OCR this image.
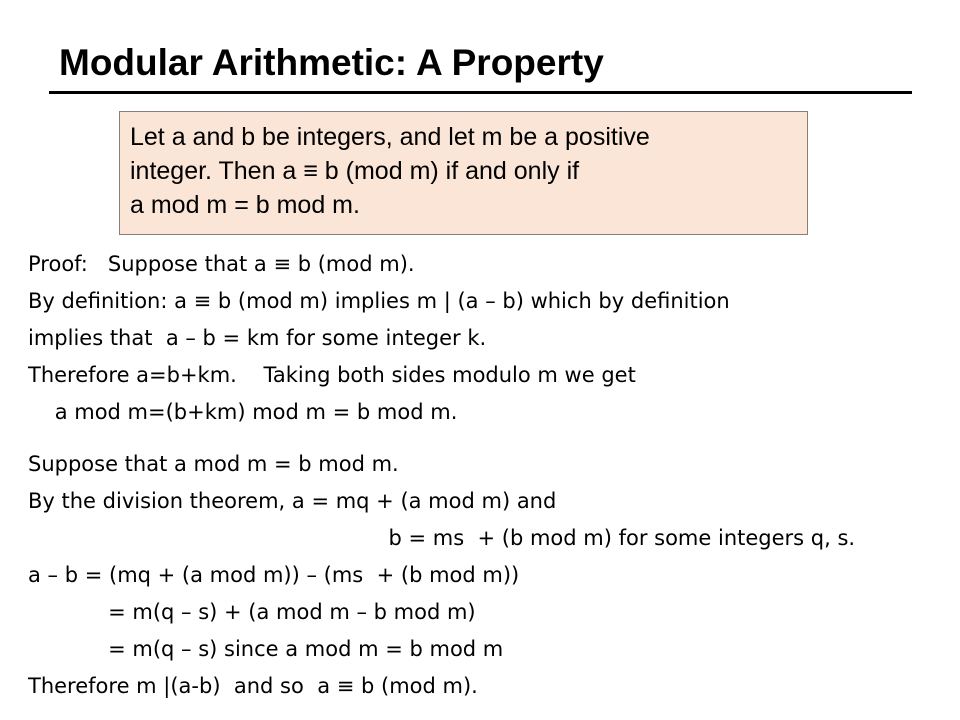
Modular Arithmetic: A Property
Let a and b be integers, and let m be a positive
integer. Then a ≡ b (mod m) if and only if
a mod m = b mod m.
Proof:   Suppose that a ≡ b (mod m).
By definition: a ≡ b (mod m) implies m | (a – b) which by definition
implies that  a – b = km for some integer k.
Therefore a=b+km.    Taking both sides modulo m we get
a mod m=(b+km) mod m = b mod m.
Suppose that a mod m = b mod m.
By the division theorem, a = mq + (a mod m) and
b = ms  + (b mod m) for some integers q, s.
a – b = (mq + (a mod m)) – (ms  + (b mod m))
= m(q – s) + (a mod m – b mod m)
= m(q – s) since a mod m = b mod m
Therefore m |(a-b)  and so  a ≡ b (mod m).
